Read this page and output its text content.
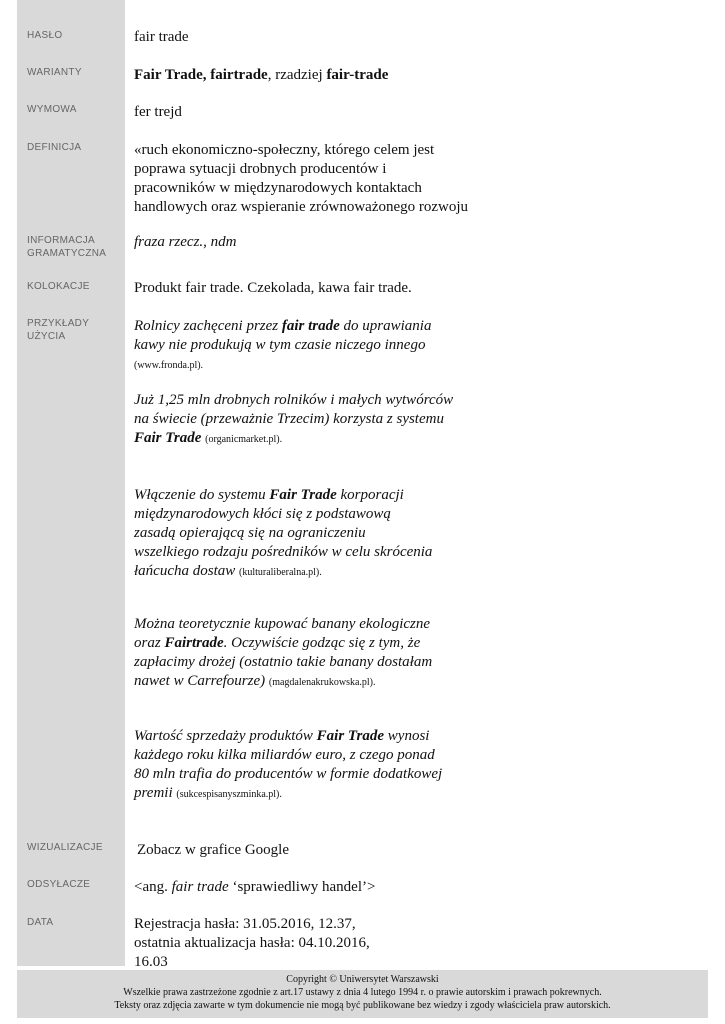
HASŁO
WARIANTY
WYMOWA
DEFINICJA
INFORMACJA GRAMATYCZNA
KOLOKACJE
PRZYKŁADY UŻYCIA
WIZUALIZACJE
ODSYŁACZE
DATA
fair trade
Fair Trade, fairtrade, rzadziej fair-trade
fer trejd
«ruch ekonomiczno-społeczny, którego celem jest poprawa sytuacji drobnych producentów i pracowników w międzynarodowych kontaktach handlowych oraz wspieranie zrównoważonego rozwoju
fraza rzecz., ndm
Produkt fair trade. Czekolada, kawa fair trade.
Rolnicy zachęceni przez fair trade do uprawiania kawy nie produkują w tym czasie niczego innego (www.fronda.pl).
Już 1,25 mln drobnych rolników i małych wytwórców na świecie (przeważnie Trzecim) korzysta z systemu Fair Trade (organicmarket.pl).
Włączenie do systemu Fair Trade korporacji międzynarodowych kłóci się z podstawową zasadą opierającą się na ograniczeniu wszelkiego rodzaju pośredników w celu skrócenia łańcucha dostaw (kulturaliberalna.pl).
Można teoretycznie kupować banany ekologiczne oraz Fairtrade. Oczywiście godząc się z tym, że zapłacimy drożej (ostatnio takie banany dostałam nawet w Carrefourze) (magdalenakrukowska.pl).
Wartość sprzedaży produktów Fair Trade wynosi każdego roku kilka miliardów euro, z czego ponad 80 mln trafia do producentów w formie dodatkowej premii (sukcespisanyszminka.pl).
Zobacz w grafice Google
<ang. fair trade ‘sprawiedliwy handel’>
Rejestracja hasła: 31.05.2016, 12.37, ostatnia aktualizacja hasła: 04.10.2016, 16.03
Copyright © Uniwersytet Warszawski
Wszelkie prawa zastrzeżone zgodnie z art.17 ustawy z dnia 4 lutego 1994 r. o prawie autorskim i prawach pokrewnych.
Teksty oraz zdjęcia zawarte w tym dokumencie nie mogą być publikowane bez wiedzy i zgody właściciela praw autorskich.
